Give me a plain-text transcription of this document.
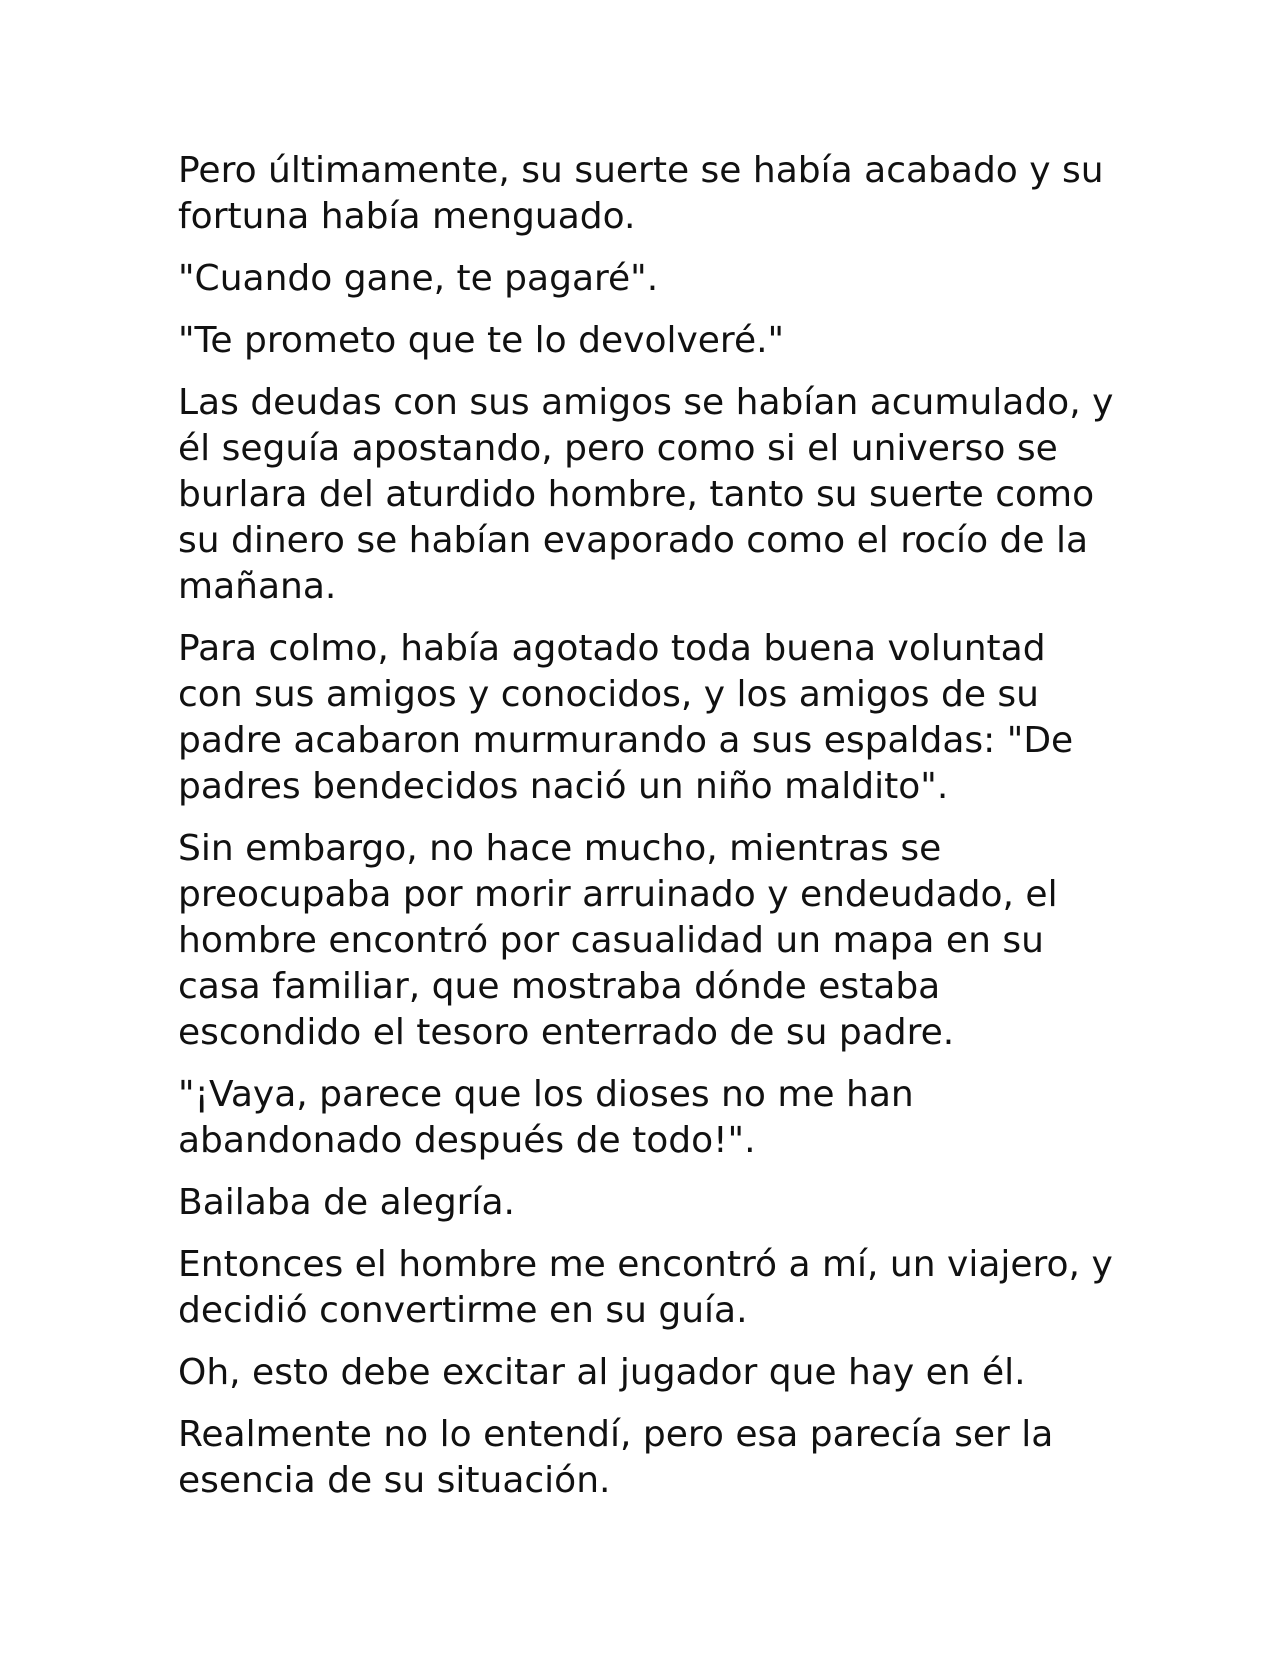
Pero últimamente, su suerte se había acabado y su fortuna había menguado.

"Cuando gane, te pagaré".

"Te prometo que te lo devolveré."

Las deudas con sus amigos se habían acumulado, y él seguía apostando, pero como si el universo se burlara del aturdido hombre, tanto su suerte como su dinero se habían evaporado como el rocío de la mañana.

Para colmo, había agotado toda buena voluntad con sus amigos y conocidos, y los amigos de su padre acabaron murmurando a sus espaldas: "De padres bendecidos nació un niño maldito".

Sin embargo, no hace mucho, mientras se preocupaba por morir arruinado y endeudado, el hombre encontró por casualidad un mapa en su casa familiar, que mostraba dónde estaba escondido el tesoro enterrado de su padre.

"¡Vaya, parece que los dioses no me han abandonado después de todo!".

Bailaba de alegría.

Entonces el hombre me encontró a mí, un viajero, y decidió convertirme en su guía.

Oh, esto debe excitar al jugador que hay en él.

Realmente no lo entendí, pero esa parecía ser la esencia de su situación.
